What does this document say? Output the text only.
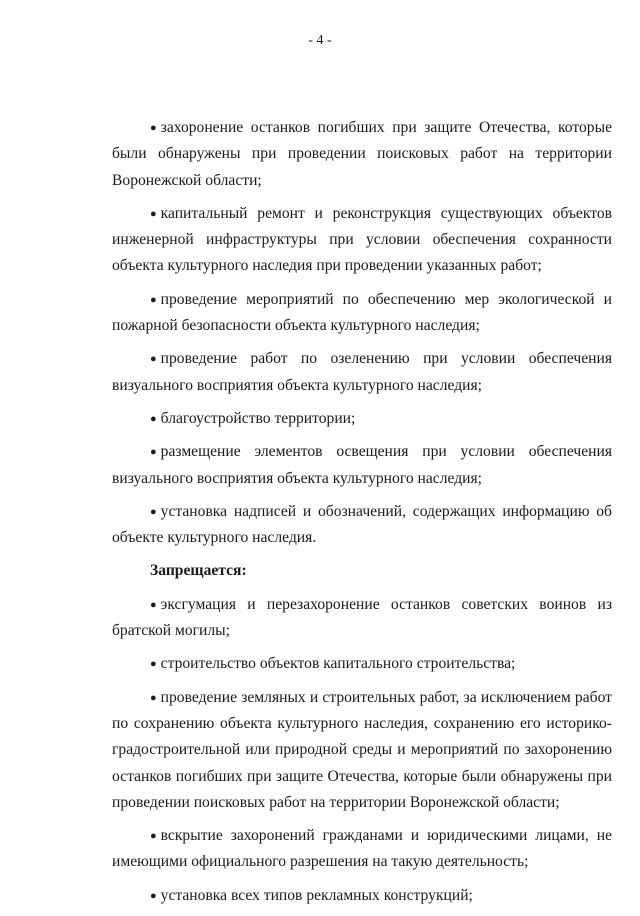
- 4 -

● захоронение останков погибших при защите Отечества, которые были обнаружены при проведении поисковых работ на территории Воронежской области;

● капитальный ремонт и реконструкция существующих объектов инженерной инфраструктуры при условии обеспечения сохранности объекта культурного наследия при проведении указанных работ;

● проведение мероприятий по обеспечению мер экологической и пожарной безопасности объекта культурного наследия;

● проведение работ по озеленению при условии обеспечения визуального восприятия объекта культурного наследия;

● благоустройство территории;

● размещение элементов освещения при условии обеспечения визуального восприятия объекта культурного наследия;

● установка надписей и обозначений, содержащих информацию об объекте культурного наследия.

Запрещается:

● эксгумация и перезахоронение останков советских воинов из братской могилы;

● строительство объектов капитального строительства;

● проведение земляных и строительных работ, за исключением работ по сохранению объекта культурного наследия, сохранению его историко-градостроительной или природной среды и мероприятий по захоронению останков погибших при защите Отечества, которые были обнаружены при проведении поисковых работ на территории Воронежской области;

● вскрытие захоронений гражданами и юридическими лицами, не имеющими официального разрешения на такую деятельность;

● установка всех типов рекламных конструкций;
